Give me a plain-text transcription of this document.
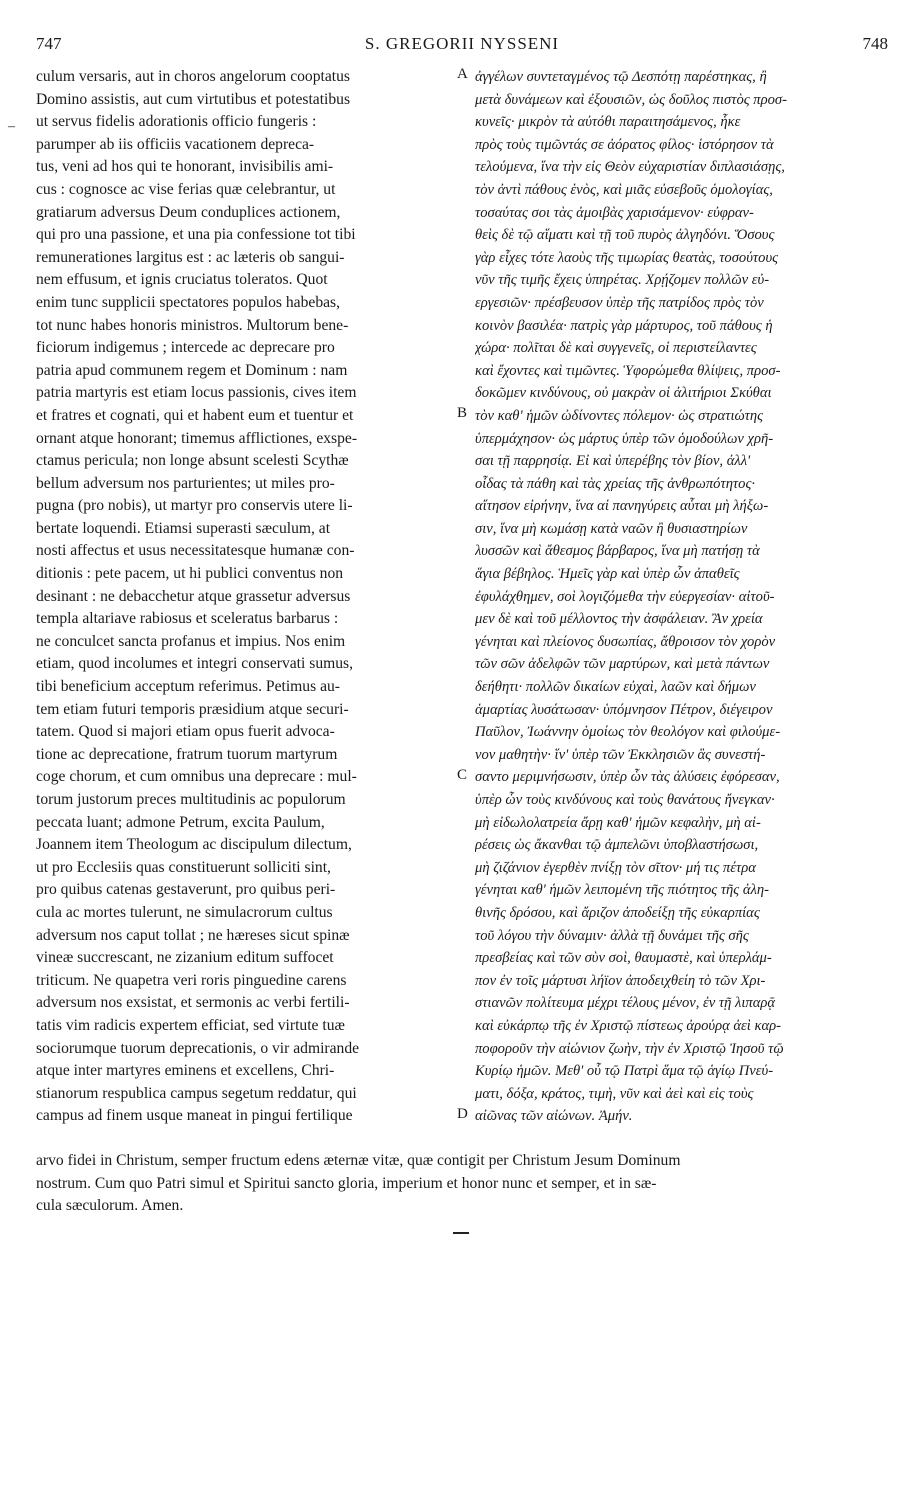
747	S. GREGORII NYSSENI	748
–
culum versaris, aut in choros angelorum cooptatus
Domino assistis, aut cum virtutibus et potestatibus
ut servus fidelis adorationis officio fungeris :
parumper ab iis officiis vacationem depreca-
tus, veni ad hos qui te honorant, invisibilis ami-
cus : cognosce ac vise ferias quæ celebrantur, ut
gratiarum adversus Deum conduplices actionem,
qui pro una passione, et una pia confessione tot tibi
remunerationes largitus est : ac læteris ob sangui-
nem effusum, et ignis cruciatus toleratos. Quot
enim tunc supplicii spectatores populos habebas,
tot nunc habes honoris ministros. Multorum bene-
ficiorum indigemus ; intercede ac deprecare pro
patria apud communem regem et Dominum : nam
patria martyris est etiam locus passionis, cives item
et fratres et cognati, qui et habent eum et tuentur et
ornant atque honorant; timemus afflictiones, exspe-
ctamus pericula; non longe absunt scelesti Scythæ
bellum adversum nos parturientes; ut miles pro-
pugna (pro nobis), ut martyr pro conservis utere li-
bertate loquendi. Etiamsi superasti sæculum, at
nosti affectus et usus necessitatesque humanæ con-
ditionis : pete pacem, ut hi publici conventus non
desinant : ne debacchetur atque grassetur adversus
templa altariave rabiosus et sceleratus barbarus :
ne conculcet sancta profanus et impius. Nos enim
etiam, quod incolumes et integri conservati sumus,
tibi beneficium acceptum referimus. Petimus au-
tem etiam futuri temporis præsidium atque securi-
tatem. Quod si majori etiam opus fuerit advoca-
tione ac deprecatione, fratrum tuorum martyrum
coge chorum, et cum omnibus una deprecare : mul-
torum justorum preces multitudinis ac populorum
peccata luant; admone Petrum, excita Paulum,
Joannem item Theologum ac discipulum dilectum,
ut pro Ecclesiis quas constituerunt solliciti sint,
pro quibus catenas gestaverunt, pro quibus peri-
cula ac mortes tulerunt, ne simulacrorum cultus
adversum nos caput tollat ; ne hæreses sicut spinæ
vineæ succrescant, ne zizanium editum suffocet
triticum. Ne quapetra veri roris pinguedine carens
adversum nos exsistat, et sermonis ac verbi fertili-
tatis vim radicis expertem efficiat, sed virtute tuæ
sociorumque tuorum deprecationis, o vir admirande
atque inter martyres eminens et excellens, Chri-
stianorum respublica campus segetum reddatur, qui
campus ad finem usque maneat in pingui fertilique
ἀγγέλων συντεταγμένος τῷ Δεσπότῃ παρέστηκας, ἢ
μετὰ δυνάμεων καὶ ἐξουσιῶν, ὡς δοῦλος πιστὸς προσ-
κυνεῖς· μικρὸν τὰ αὐτόθι παραιτησάμενος, ἧκε
πρὸς τοὺς τιμῶντάς σε ἀόρατος φίλος· ἱστόρησον τὰ
τελούμενα, ἵνα τὴν εἰς Θεὸν εὐχαριστίαν διπλασιάσῃς,
τὸν ἀντὶ πάθους ἑνὸς, καὶ μιᾶς εὐσεβοῦς ὁμολογίας,
τοσαύτας σοι τὰς ἀμοιβὰς χαρισάμενον· εὐφραν-
θεὶς δὲ τῷ αἵματι καὶ τῇ τοῦ πυρὸς ἀλγηδόνι. Ὅσους
γὰρ εἶχες τότε λαοὺς τῆς τιμωρίας θεατὰς, τοσούτους
νῦν τῆς τιμῆς ἔχεις ὑπηρέτας. Χρῄζομεν πολλῶν εὐ-
εργεσιῶν· πρέσβευσον ὑπὲρ τῆς πατρίδος πρὸς τὸν
κοινὸν βασιλέα· πατρὶς γὰρ μάρτυρος, τοῦ πάθους ἡ
χώρα· πολῖται δὲ καὶ συγγενεῖς, οἱ περιστείλαντες
καὶ ἔχοντες καὶ τιμῶντες. Ὑφορώμεθα θλίψεις, προσ-
δοκῶμεν κινδύνους, οὐ μακρὰν οἱ ἀλιτήριοι Σκύθαι
τὸν καθ' ἡμῶν ὠδίνοντες πόλεμον· ὡς στρατιώτης
ὑπερμάχησον· ὡς μάρτυς ὑπὲρ τῶν ὁμοδούλων χρῆ-
σαι τῇ παρρησίᾳ. Εἰ καὶ ὑπερέβης τὸν βίον, ἀλλ'
οἶδας τὰ πάθη καὶ τὰς χρείας τῆς ἀνθρωπότητος·
αἴτησον εἰρήνην, ἵνα αἱ πανηγύρεις αὗται μὴ λήξω-
σιν, ἵνα μὴ κωμάσῃ κατὰ ναῶν ἢ θυσιαστηρίων
λυσσῶν καὶ ἄθεσμος βάρβαρος, ἵνα μὴ πατήσῃ τὰ
ἅγια βέβηλος. Ἡμεῖς γὰρ καὶ ὑπὲρ ὧν ἀπαθεῖς
ἐφυλάχθημεν, σοὶ λογιζόμεθα τὴν εὐεργεσίαν· αἰτοῦ-
μεν δὲ καὶ τοῦ μέλλοντος τὴν ἀσφάλειαν. Ἂν χρεία
γένηται καὶ πλείονος δυσωπίας, ἄθροισον τὸν χορὸν
τῶν σῶν ἀδελφῶν τῶν μαρτύρων, καὶ μετὰ πάντων
δεήθητι· πολλῶν δικαίων εὐχαὶ, λαῶν καὶ δήμων
ἁμαρτίας λυσάτωσαν· ὑπόμνησον Πέτρον, διέγειρον
Παῦλον, Ἰωάννην ὁμοίως τὸν θεολόγον καὶ φιλούμε-
νον μαθητὴν· ἵν' ὑπὲρ τῶν Ἐκκλησιῶν ἃς συνεστή-
σαντο μεριμνήσωσιν, ὑπὲρ ὧν τὰς ἁλύσεις ἐφόρεσαν,
ὑπὲρ ὧν τοὺς κινδύνους καὶ τοὺς θανάτους ἤνεγκαν·
μὴ εἰδωλολατρεία ἄρῃ καθ' ἡμῶν κεφαλὴν, μὴ αἱ-
ρέσεις ὡς ἄκανθαι τῷ ἀμπελῶνι ὑποβλαστήσωσι,
μὴ ζιζάνιον ἐγερθὲν πνίξῃ τὸν σῖτον· μή τις πέτρα
γένηται καθ' ἡμῶν λειπομένη τῆς πιότητος τῆς ἀλη-
θινῆς δρόσου, καὶ ἄριζον ἀποδείξῃ τῆς εὐκαρπίας
τοῦ λόγου τὴν δύναμιν· ἀλλὰ τῇ δυνάμει τῆς σῆς
πρεσβείας καὶ τῶν σὺν σοὶ, θαυμαστὲ, καὶ ὑπερλάμ-
πον ἐν τοῖς μάρτυσι λήϊον ἀποδειχθείη τὸ τῶν Χρι-
στιανῶν πολίτευμα μέχρι τέλους μένον, ἐν τῇ λιπαρᾷ
καὶ εὐκάρπῳ τῆς ἐν Χριστῷ πίστεως ἀρούρᾳ ἀεὶ καρ-
ποφοροῦν τὴν αἰώνιον ζωὴν, τὴν ἐν Χριστῷ Ἰησοῦ τῷ
Κυρίῳ ἡμῶν. Μεθ' οὗ τῷ Πατρὶ ἅμα τῷ ἁγίῳ Πνεύ-
ματι, δόξα, κράτος, τιμὴ, νῦν καὶ ἀεὶ καὶ εἰς τοὺς
αἰῶνας τῶν αἰώνων. Ἀμήν.
A
B
C
D
arvo fidei in Christum, semper fructum edens æternæ vitæ, quæ contigit per Christum Jesum Dominum
nostrum. Cum quo Patri simul et Spiritui sancto gloria, imperium et honor nunc et semper, et in sæ-
cula sæculorum. Amen.
